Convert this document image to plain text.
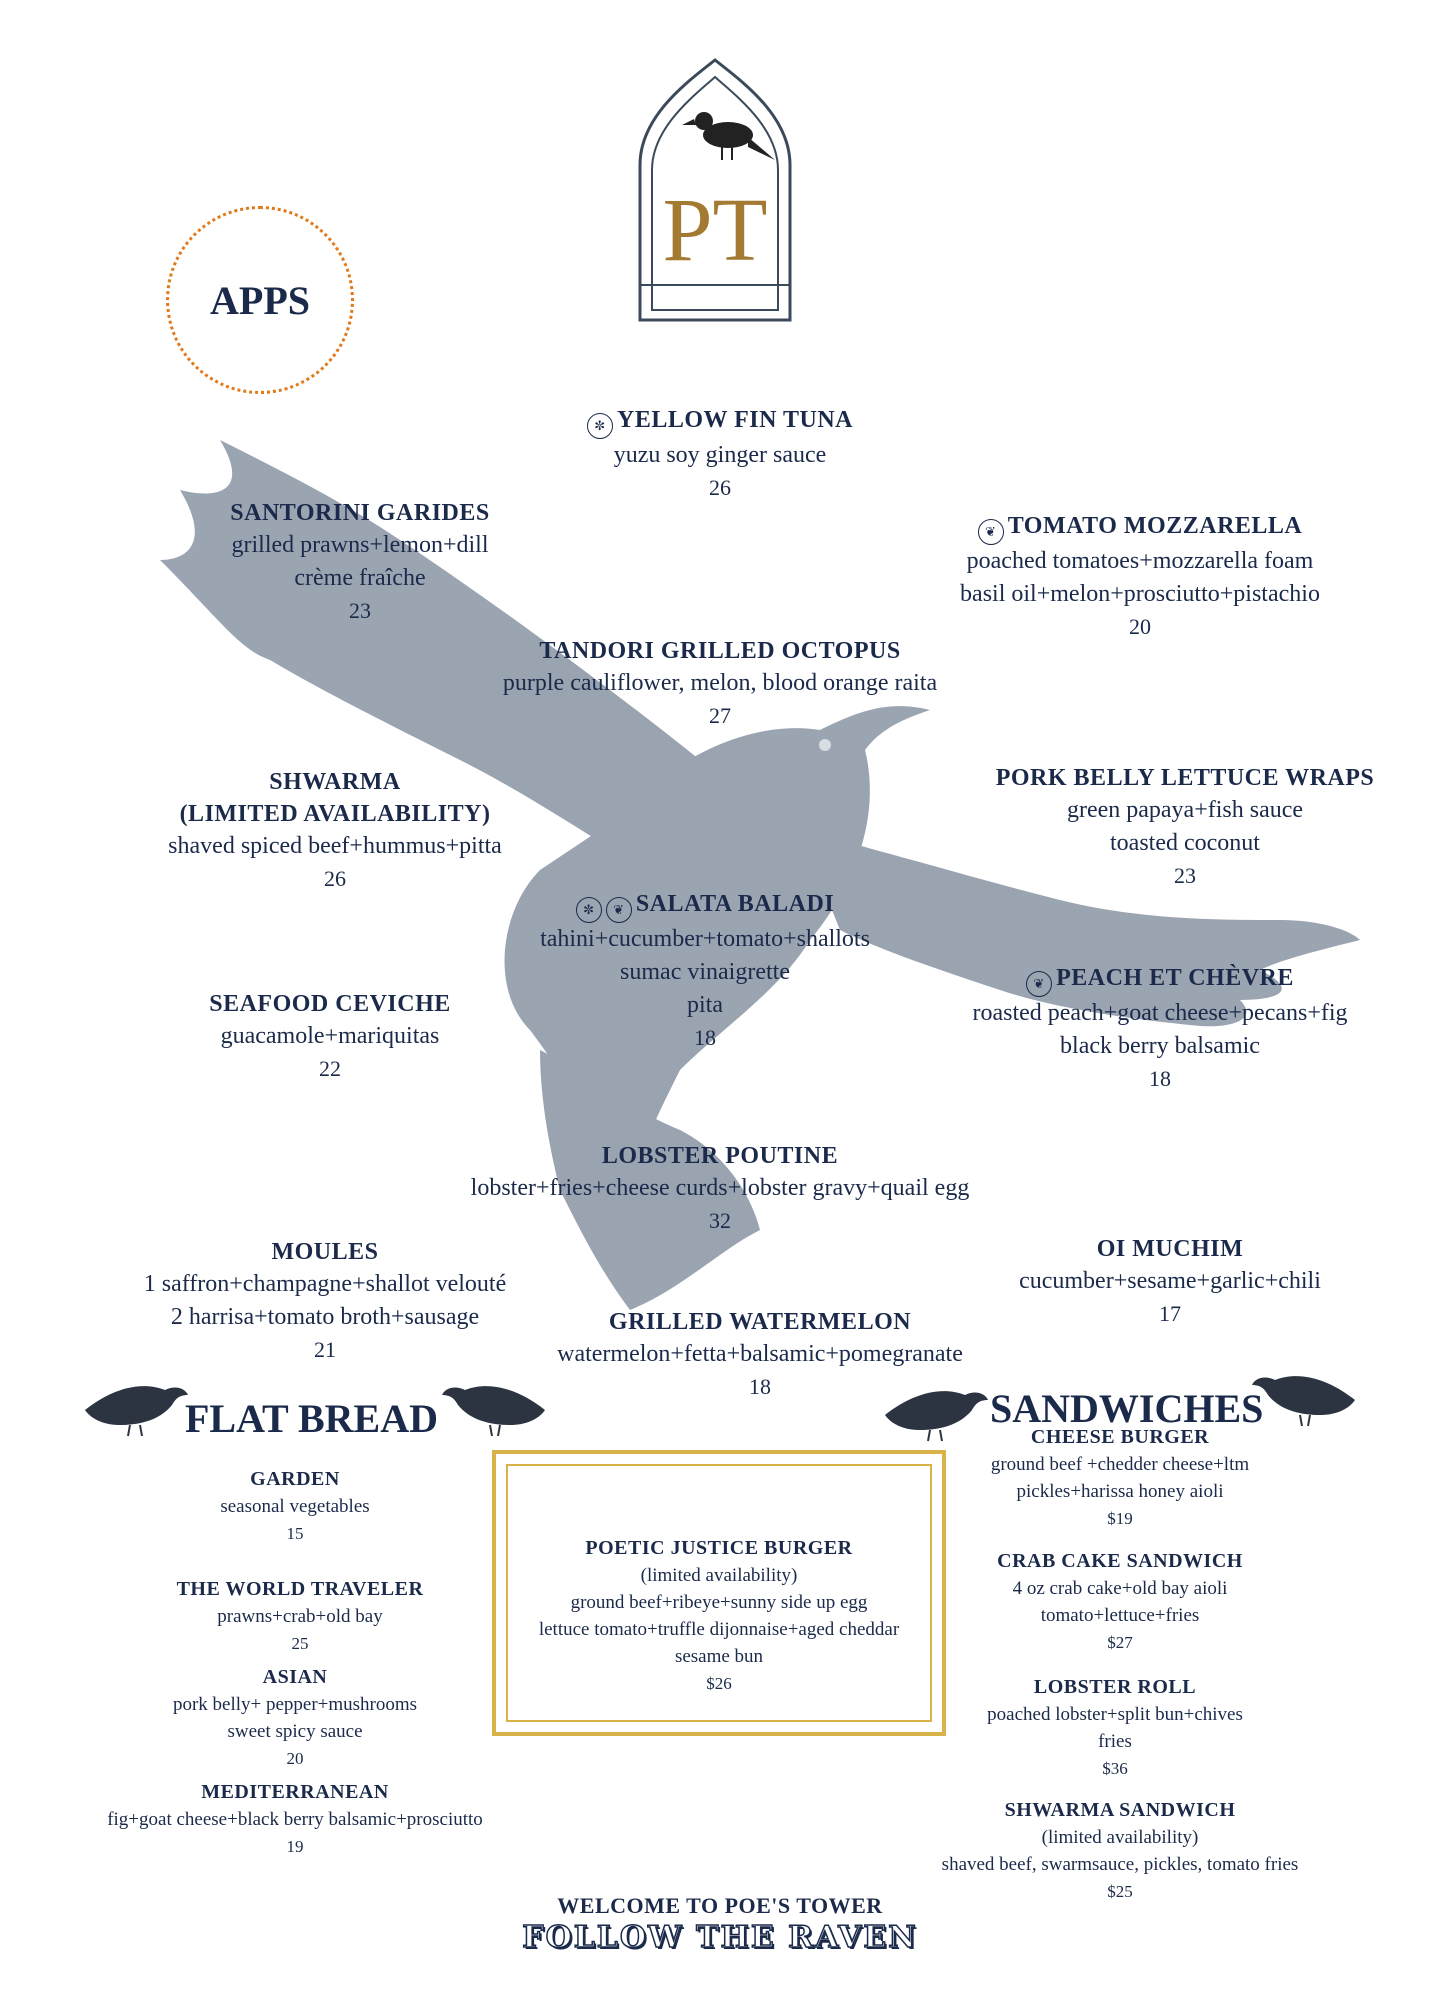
PT
APPS
✼ YELLOW FIN TUNA
yuzu soy ginger sauce
26
SANTORINI GARIDES
grilled prawns+lemon+dill
crème fraîche
23
❦ TOMATO MOZZARELLA
poached tomatoes+mozzarella foam
basil oil+melon+prosciutto+pistachio
20
TANDORI GRILLED OCTOPUS
purple cauliflower, melon, blood orange raita
27
SHWARMA
(LIMITED AVAILABILITY)
shaved spiced beef+hummus+pitta
26
PORK BELLY LETTUCE WRAPS
green papaya+fish sauce
toasted coconut
23
✼ ❦ SALATA BALADI
tahini+cucumber+tomato+shallots
sumac vinaigrette
pita
18
SEAFOOD CEVICHE
guacamole+mariquitas
22
❦ PEACH ET CHÈVRE
roasted peach+goat cheese+pecans+fig
black berry balsamic
18
LOBSTER POUTINE
lobster+fries+cheese curds+lobster gravy+quail egg
32
MOULES
1 saffron+champagne+shallot velouté
2 harrisa+tomato broth+sausage
21
OI MUCHIM
cucumber+sesame+garlic+chili
17
GRILLED WATERMELON
watermelon+fetta+balsamic+pomegranate
18
FLAT BREAD
GARDEN
seasonal vegetables
15
THE WORLD TRAVELER
prawns+crab+old bay
25
ASIAN
pork belly+ pepper+mushrooms
sweet spicy sauce
20
MEDITERRANEAN
fig+goat cheese+black berry balsamic+prosciutto
19
POETIC JUSTICE BURGER
(limited availability)
ground beef+ribeye+sunny side up egg
lettuce tomato+truffle dijonnaise+aged cheddar
sesame bun
$26
SANDWICHES
CHEESE BURGER
ground beef +chedder cheese+ltm
pickles+harissa honey aioli
$19
CRAB CAKE SANDWICH
4 oz crab cake+old bay aioli
tomato+lettuce+fries
$27
LOBSTER ROLL
poached lobster+split bun+chives
fries
$36
SHWARMA SANDWICH
(limited availability)
shaved beef, swarmsauce, pickles, tomato fries
$25
WELCOME TO POE'S TOWER
FOLLOW THE RAVEN
